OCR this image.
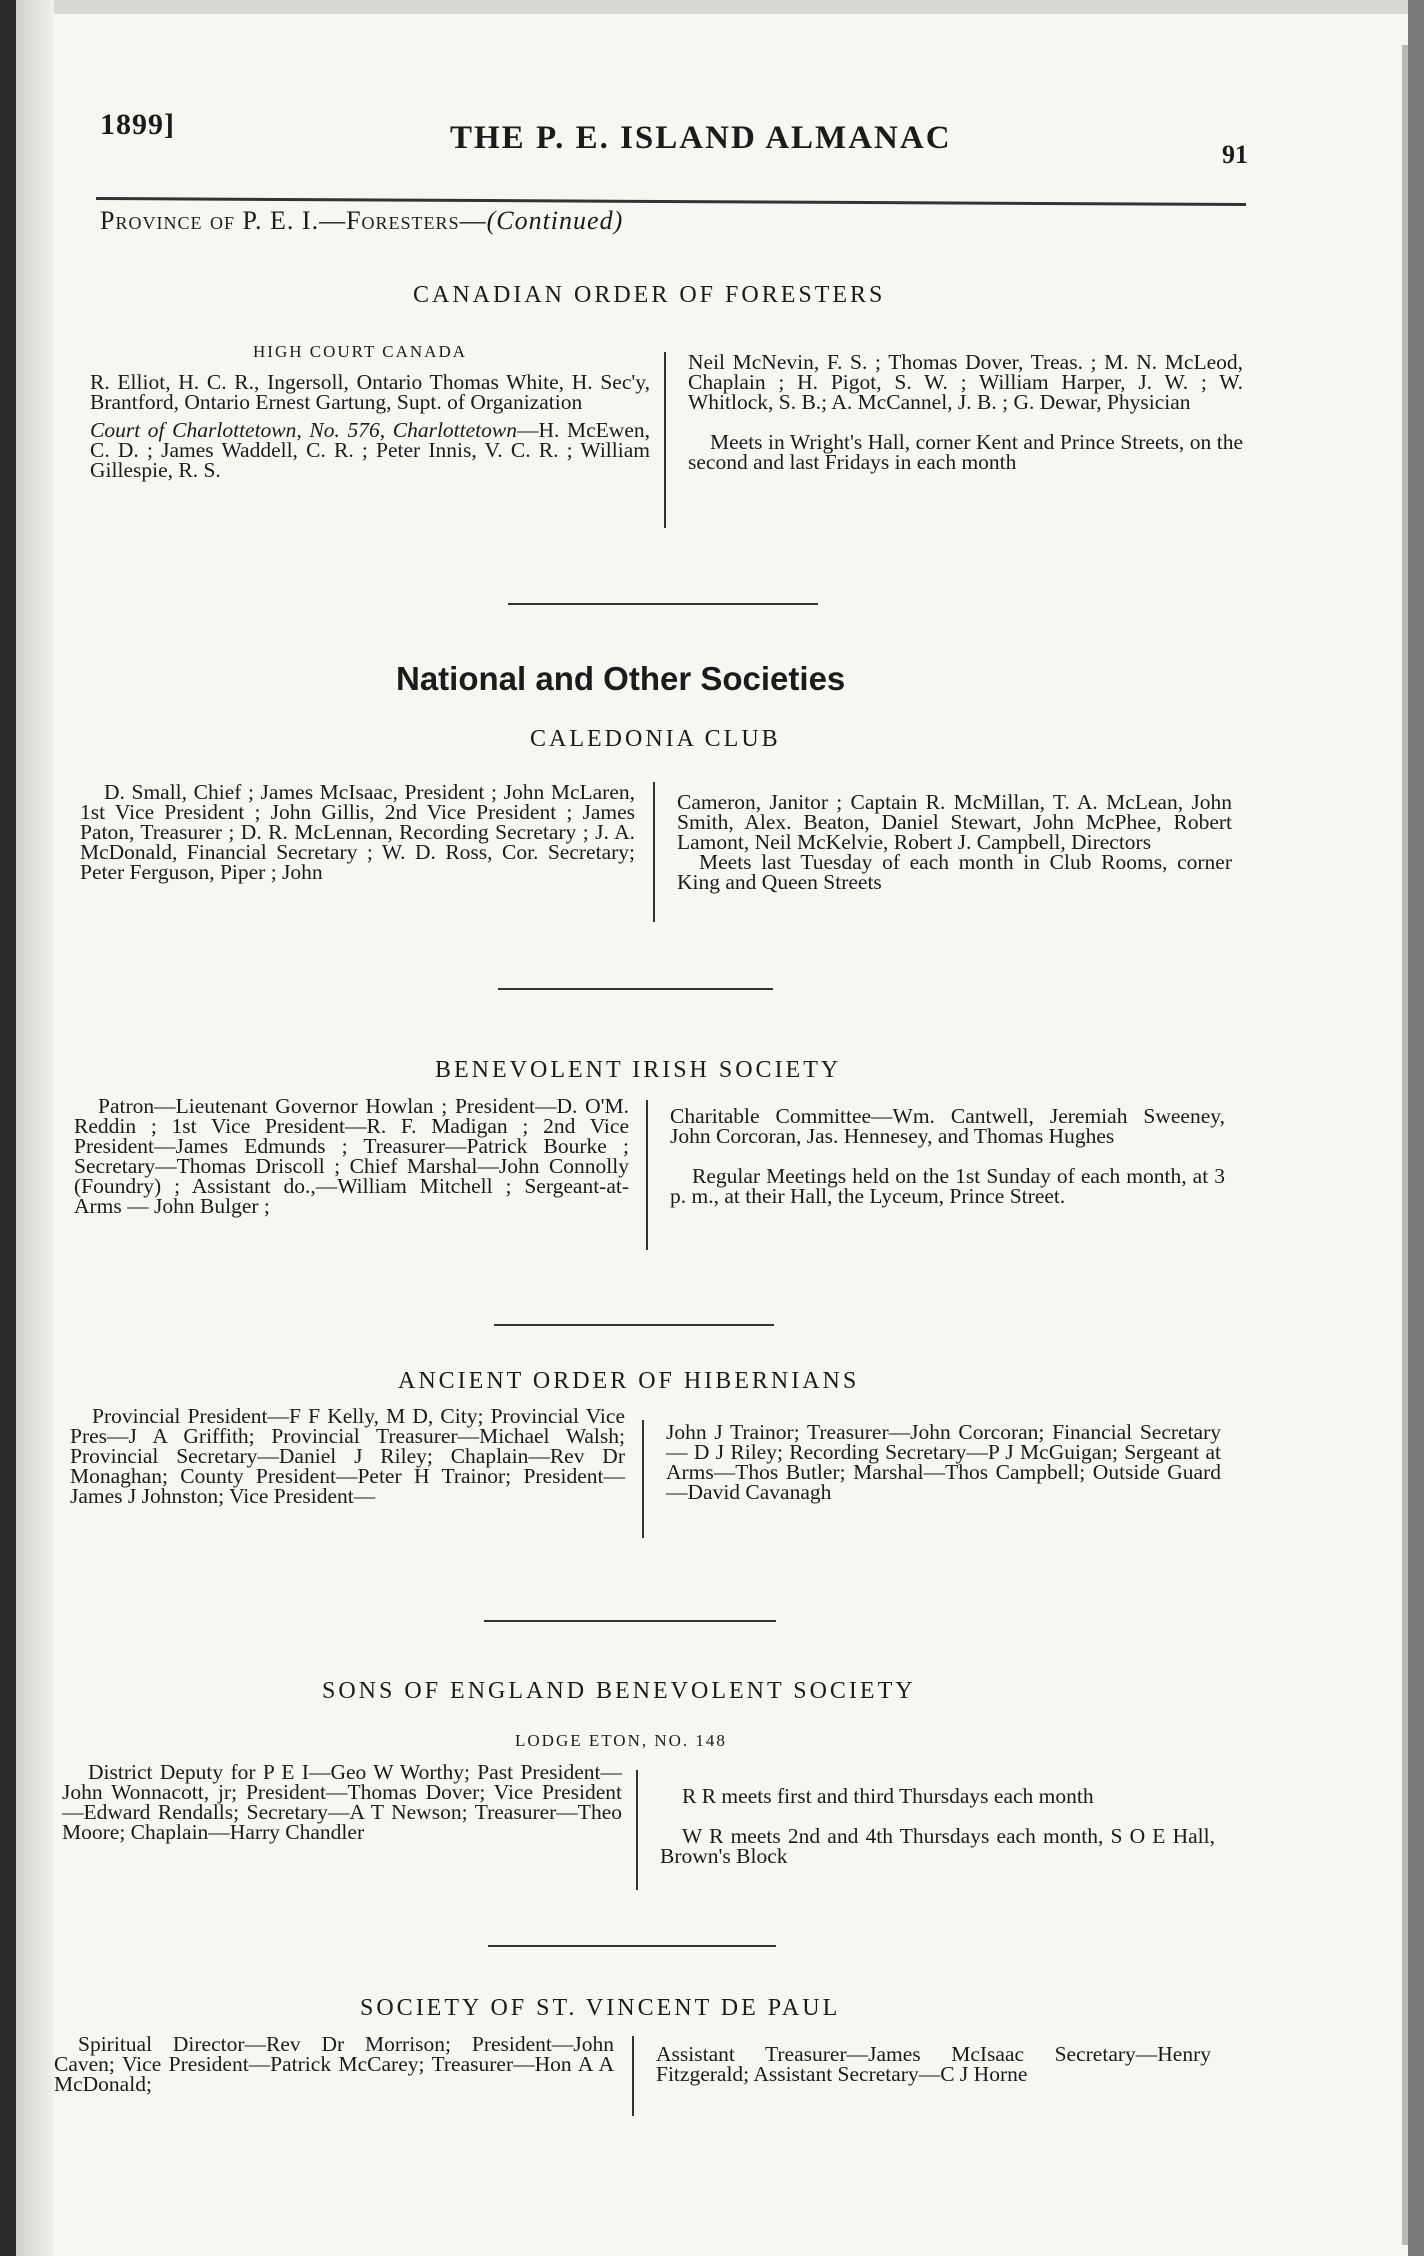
1899]	THE P. E. ISLAND ALMANAC	91
Province of P. E. I.—Foresters—(Continued)
CANADIAN ORDER OF FORESTERS
HIGH COURT CANADA

R. Elliot, H. C. R., Ingersoll, Ontario Thomas White, H. Sec'y, Brantford, Ontario Ernest Gartung, Supt. of Organization

Court of Charlottetown, No. 576, Charlottetown—H. McEwen, C. D. ; James Waddell, C. R. ; Peter Innis, V. C. R. ; William Gillespie, R. S.

Neil McNevin, F. S. ; Thomas Dover, Treas. ; M. N. McLeod, Chaplain ; H. Pigot, S. W. ; William Harper, J. W. ; W. Whitlock, S. B.; A. McCannel, J. B. ; G. Dewar, Physician

Meets in Wright's Hall, corner Kent and Prince Streets, on the second and last Fridays in each month

National and Other Societies
CALEDONIA CLUB

D. Small, Chief ; James McIsaac, President ; John McLaren, 1st Vice President ; John Gillis, 2nd Vice President ; James Paton, Treasurer ; D. R. McLennan, Recording Secretary ; J. A. McDonald, Financial Secretary ; W. D. Ross, Cor. Secretary; Peter Ferguson, Piper ; John

Cameron, Janitor ; Captain R. McMillan, T. A. McLean, John Smith, Alex. Beaton, Daniel Stewart, John McPhee, Robert Lamont, Neil McKelvie, Robert J. Campbell, Directors

Meets last Tuesday of each month in Club Rooms, corner King and Queen Streets

BENEVOLENT IRISH SOCIETY

Patron—Lieutenant Governor Howlan ; President—D. O'M. Reddin ; 1st Vice President—R. F. Madigan ; 2nd Vice President—James Edmunds ; Treasurer—Patrick Bourke ; Secretary—Thomas Driscoll ; Chief Marshal—John Connolly (Foundry) ; Assistant do.,—William Mitchell ; Sergeant-at-Arms — John Bulger ;

Charitable Committee—Wm. Cantwell, Jeremiah Sweeney, John Corcoran, Jas. Hennesey, and Thomas Hughes

Regular Meetings held on the 1st Sunday of each month, at 3 p. m., at their Hall, the Lyceum, Prince Street.

ANCIENT ORDER OF HIBERNIANS

Provincial President—F F Kelly, M D, City; Provincial Vice Pres—J A Griffith; Provincial Treasurer—Michael Walsh; Provincial Secretary—Daniel J Riley; Chaplain—Rev Dr Monaghan; County President—Peter H Trainor; President—James J Johnston; Vice President—

John J Trainor; Treasurer—John Corcoran; Financial Secretary — D J Riley; Recording Secretary—P J McGuigan; Sergeant at Arms—Thos Butler; Marshal—Thos Campbell; Outside Guard—David Cavanagh

SONS OF ENGLAND BENEVOLENT SOCIETY
LODGE ETON, NO. 148

District Deputy for P E I—Geo W Worthy; Past President—John Wonnacott, jr; President—Thomas Dover; Vice President—Edward Rendalls; Secretary—A T Newson; Treasurer—Theo Moore; Chaplain—Harry Chandler

R R meets first and third Thursdays each month

W R meets 2nd and 4th Thursdays each month, S O E Hall, Brown's Block

SOCIETY OF ST. VINCENT DE PAUL

Spiritual Director—Rev Dr Morrison; President—John Caven; Vice President—Patrick McCarey; Treasurer—Hon A A McDonald;

Assistant Treasurer—James McIsaac Secretary—Henry Fitzgerald; Assistant Secretary—C J Horne
